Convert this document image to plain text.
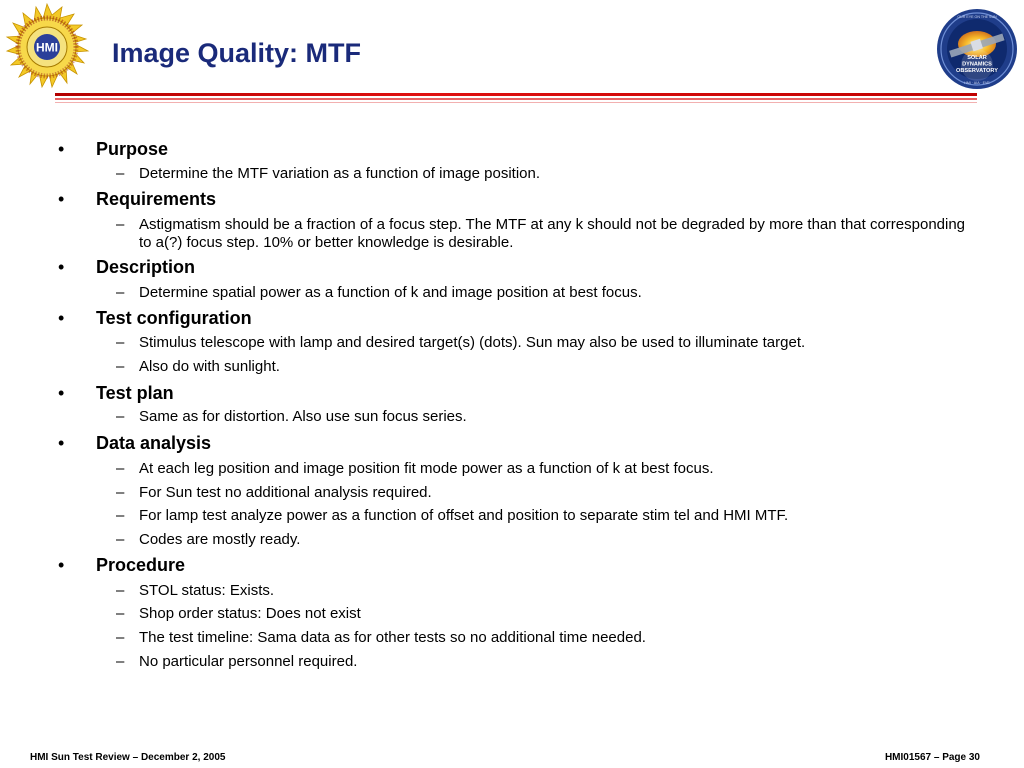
HMI
SOLAR
DYNAMICS
OBSERVATORY
OUR EYE ON THE SUN
HMI · AIA · EVE
Image Quality: MTF
• Purpose
– Determine the MTF variation as a function of image position.
• Requirements
– Astigmatism should be a fraction of a focus step. The MTF at any k should not be degraded by more than that corresponding to a(?) focus step. 10% or better knowledge is desirable.
• Description
– Determine spatial power as a function of k and image position at best focus.
• Test configuration
– Stimulus telescope with lamp and desired target(s) (dots). Sun may also be used to illuminate target.
– Also do with sunlight.
• Test plan
– Same as for distortion. Also use sun focus series.
• Data analysis
– At each leg position and image position fit mode power as a function of k at best focus.
– For Sun test no additional analysis required.
– For lamp test analyze power as a function of offset and position to separate stim tel and HMI MTF.
– Codes are mostly ready.
• Procedure
– STOL status: Exists.
– Shop order status: Does not exist
– The test timeline: Sama data as for other tests so no additional time needed.
– No particular personnel required.
HMI Sun Test Review – December 2, 2005	HMI01567 – Page 30
